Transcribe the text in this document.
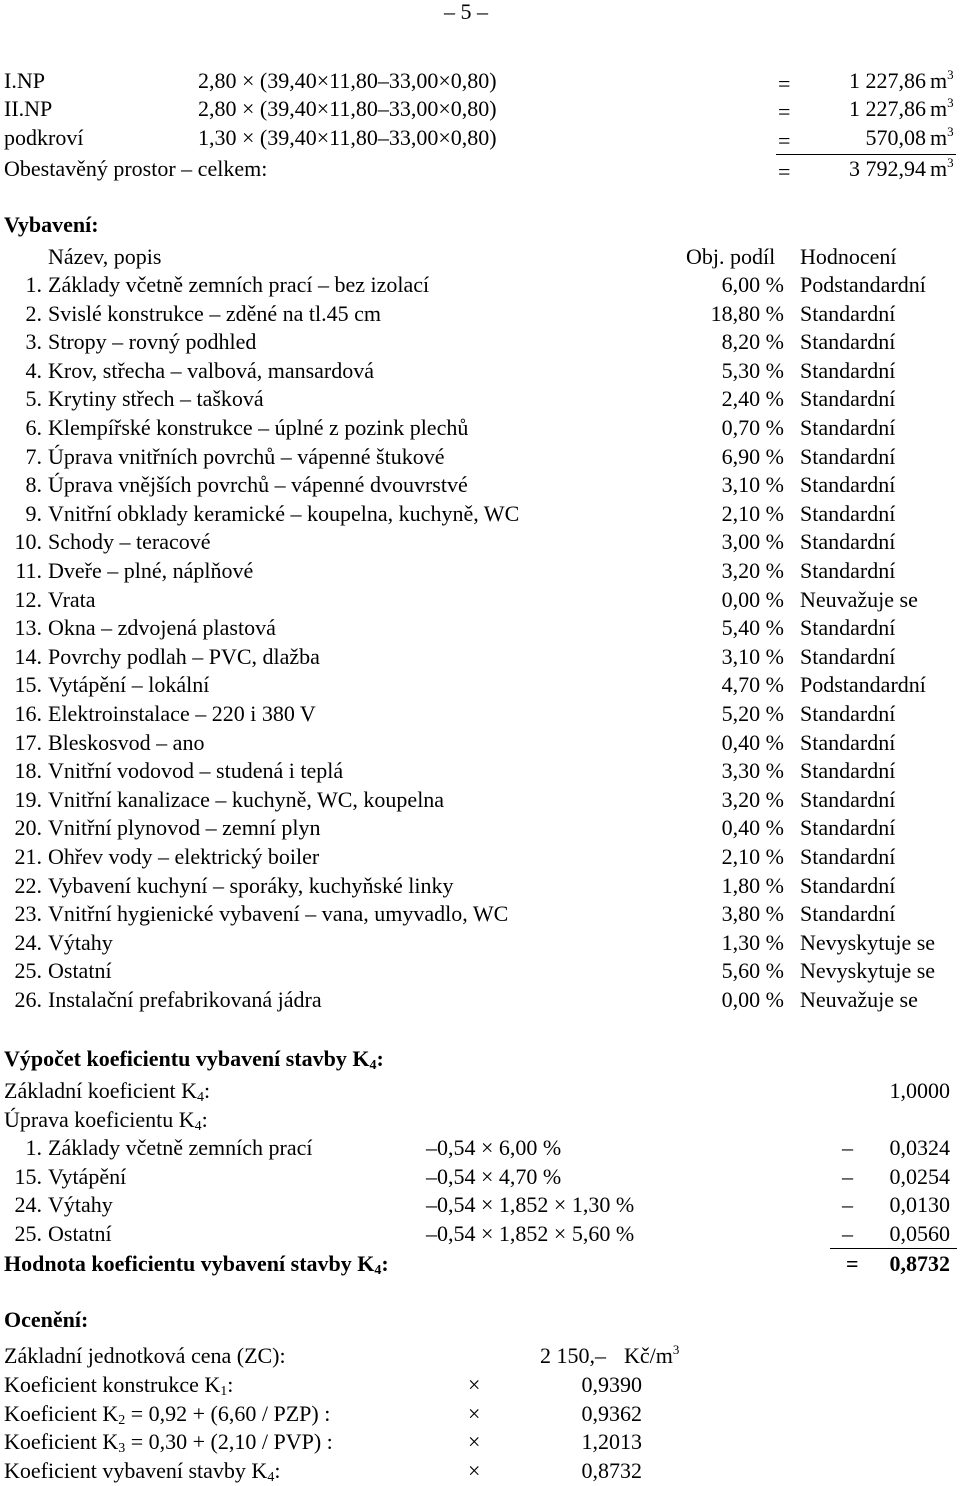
– 5 –
I.NP	2,80 × (39,40×11,80–33,00×0,80)	=	1 227,86 $m^3$
II.NP	2,80 × (39,40×11,80–33,00×0,80)	=	1 227,86 $m^3$
podkroví	1,30 × (39,40×11,80–33,00×0,80)	=	570,08 $m^3$
Obestavěný prostor – celkem:	=	3 792,94 $m^3$
Vybavení:
Název, popis	Obj. podíl Hodnocení
1. Základy včetně zemních prací – bez izolací	6,00 % Podstandardní
2. Svislé konstrukce – zděné na tl.45 cm	18,80 % Standardní
3. Stropy – rovný podhled	8,20 % Standardní
4. Krov, střecha – valbová, mansardová	5,30 % Standardní
5. Krytiny střech – tašková	2,40 % Standardní
6. Klempířské konstrukce – úplné z pozink plechů	0,70 % Standardní
7. Úprava vnitřních povrchů – vápenné štukové	6,90 % Standardní
8. Úprava vnějších povrchů – vápenné dvouvrstvé	3,10 % Standardní
9. Vnitřní obklady keramické – koupelna, kuchyně, WC	2,10 % Standardní
10. Schody – teracové	3,00 % Standardní
11. Dveře – plné, náplňové	3,20 % Standardní
12. Vrata	0,00 % Neuvažuje se
13. Okna – zdvojená plastová	5,40 % Standardní
14. Povrchy podlah – PVC, dlažba	3,10 % Standardní
15. Vytápění – lokální	4,70 % Podstandardní
16. Elektroinstalace – 220 i 380 V	5,20 % Standardní
17. Bleskosvod – ano	0,40 % Standardní
18. Vnitřní vodovod – studená i teplá	3,30 % Standardní
19. Vnitřní kanalizace – kuchyně, WC, koupelna	3,20 % Standardní
20. Vnitřní plynovod – zemní plyn	0,40 % Standardní
21. Ohřev vody – elektrický boiler	2,10 % Standardní
22. Vybavení kuchyní – sporáky, kuchyňské linky	1,80 % Standardní
23. Vnitřní hygienické vybavení – vana, umyvadlo, WC	3,80 % Standardní
24. Výtahy	1,30 % Nevyskytuje se
25. Ostatní	5,60 % Nevyskytuje se
26. Instalační prefabrikovaná jádra	0,00 % Neuvažuje se
Výpočet koeficientu vybavení stavby $K_4$:
Základní koeficient $K_4$:	1,0000
Úprava koeficientu $K_4$:
1. Základy včetně zemních prací	–0,54 × 6,00 %	–	0,0324
15. Vytápění	–0,54 × 4,70 %	–	0,0254
24. Výtahy	–0,54 × 1,852 × 1,30 %	–	0,0130
25. Ostatní	–0,54 × 1,852 × 5,60 %	–	0,0560
Hodnota koeficientu vybavení stavby $K_4$:	=	0,8732
Ocenění:
Základní jednotková cena (ZC):	2 150,– $Kč/m^3$
Koeficient konstrukce $K_1$:	×	0,9390
Koeficient $K_2 = 0,92 + (6,60 / PZP)$ :	×	0,9362
Koeficient $K_3 = 0,30 + (2,10 / PVP)$ :	×	1,2013
Koeficient vybavení stavby $K_4$:	×	0,8732
